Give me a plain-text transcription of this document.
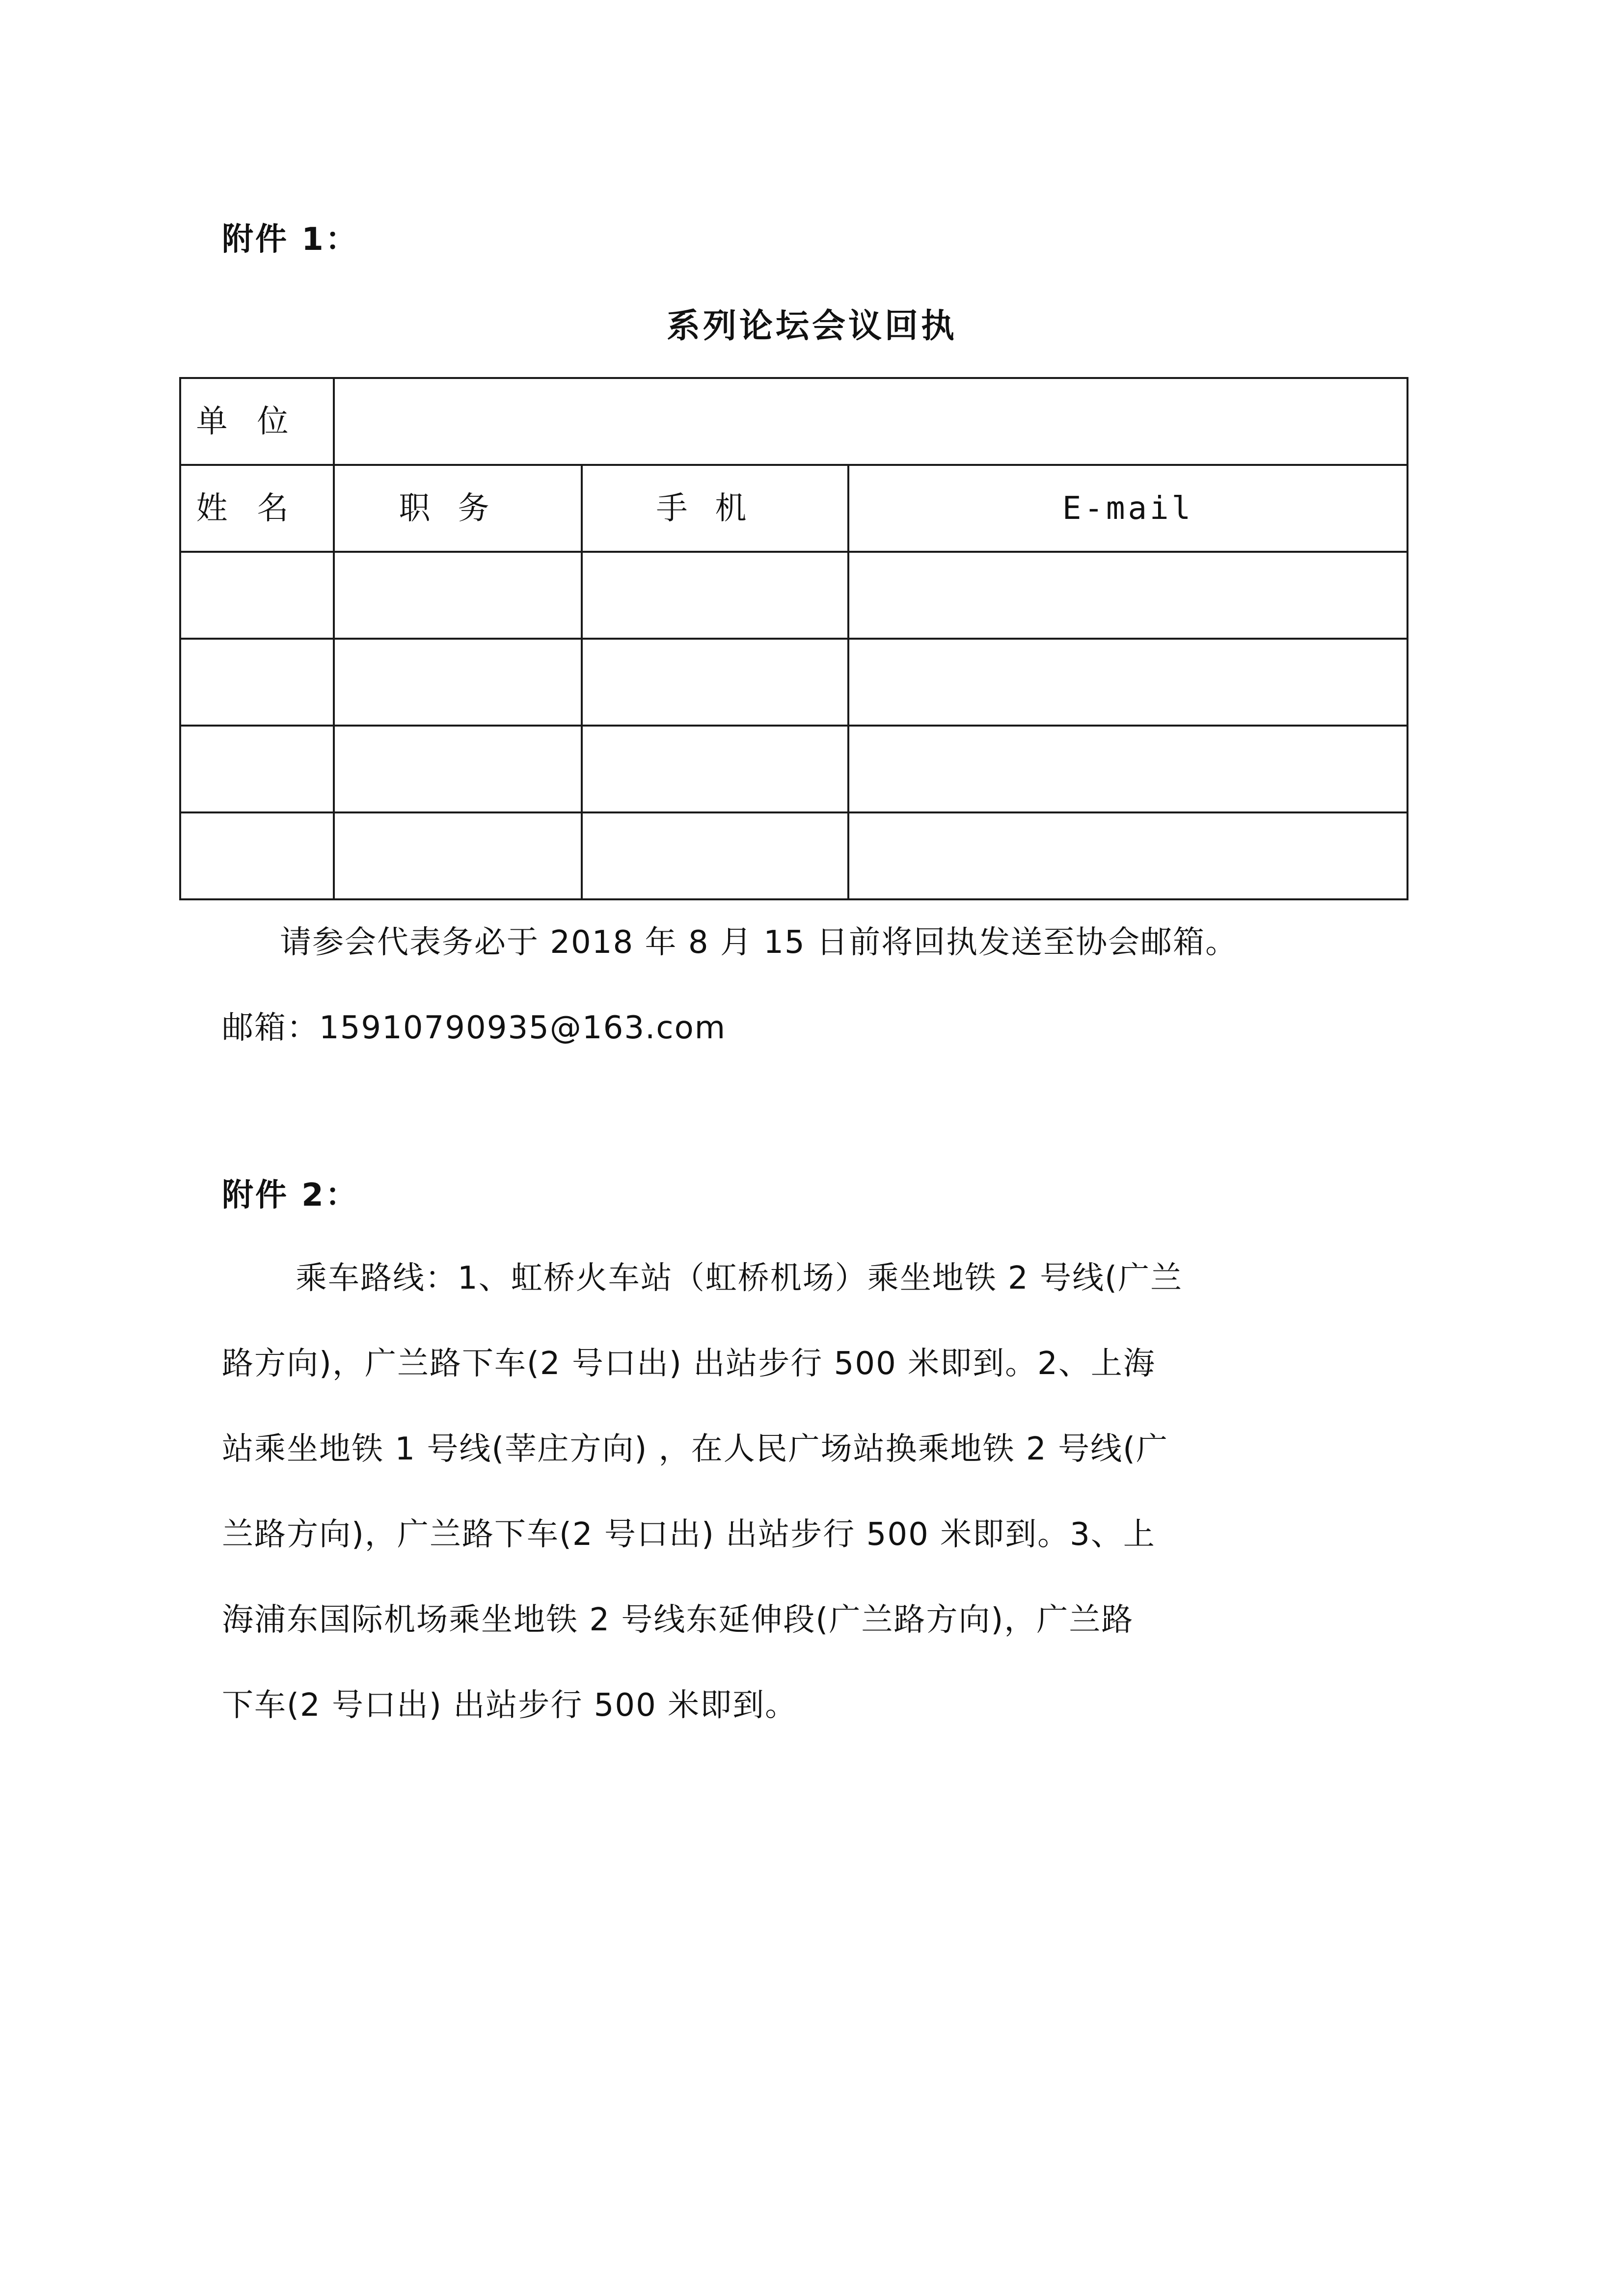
附件 1：
系列论坛会议回执
单位			
姓名	职务	手机	E-mail

请参会代表务必于 2018 年 8 月 15 日前将回执发送至协会邮箱。
邮箱：15910790935@163.com
附件 2：
乘车路线：1、虹桥火车站（虹桥机场）乘坐地铁 2 号线(广兰
路方向)，广兰路下车(2 号口出) 出站步行 500 米即到。2、上海
站乘坐地铁 1 号线(莘庄方向) ，在人民广场站换乘地铁 2 号线(广
兰路方向)，广兰路下车(2 号口出) 出站步行 500 米即到。3、上
海浦东国际机场乘坐地铁 2 号线东延伸段(广兰路方向)，广兰路
下车(2 号口出) 出站步行 500 米即到。
